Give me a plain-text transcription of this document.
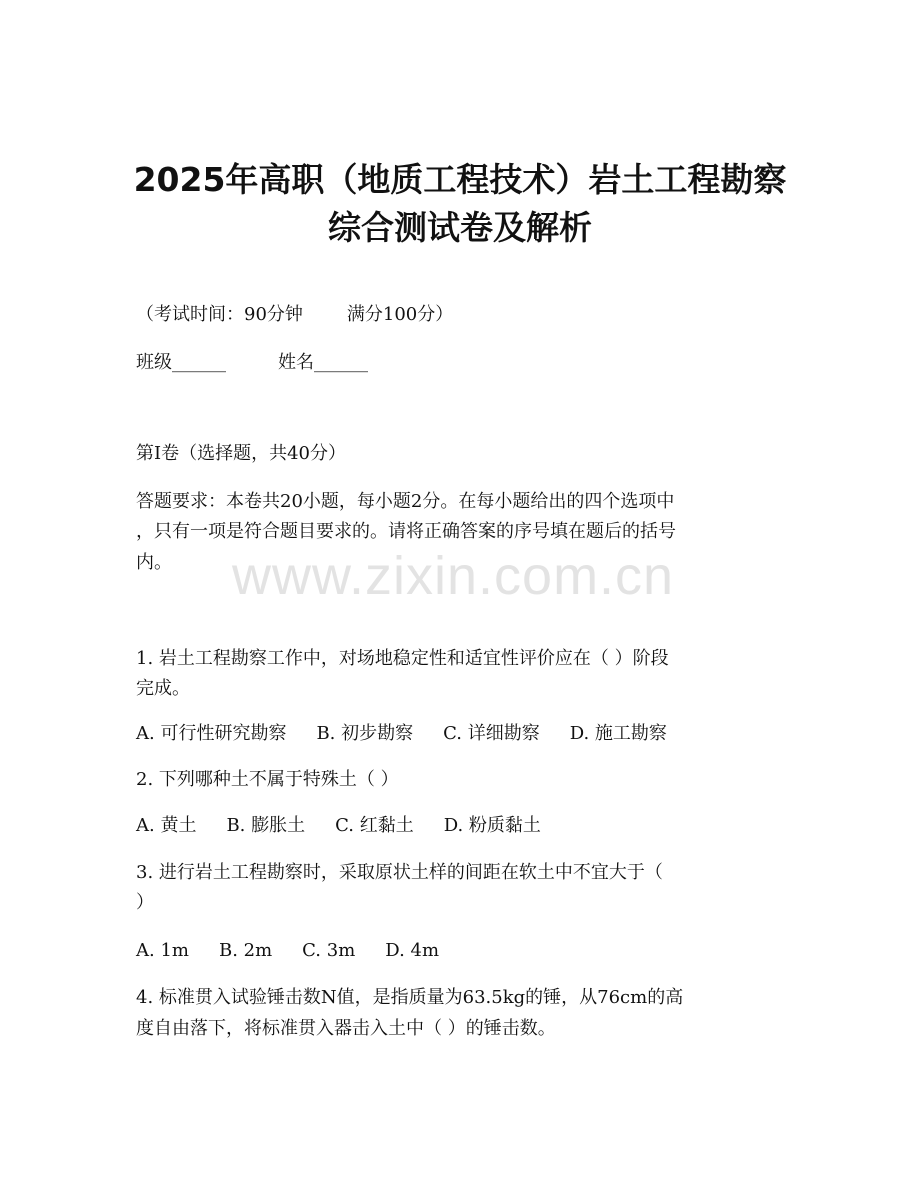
2025年高职（地质工程技术）岩土工程勘察
综合测试卷及解析
（考试时间：90分钟 满分100分）
班级______	姓名______
第Ⅰ卷（选择题，共40分）
答题要求：本卷共20小题，每小题2分。在每小题给出的四个选项中
，只有一项是符合题目要求的。请将正确答案的序号填在题后的括号
内。	www.zixin.com.cn
1. 岩土工程勘察工作中，对场地稳定性和适宜性评价应在（ ）阶段
完成。
A. 可行性研究勘察 B. 初步勘察 C. 详细勘察 D. 施工勘察
2. 下列哪种土不属于特殊土（ ）
A. 黄土 B. 膨胀土 C. 红黏土 D. 粉质黏土
3. 进行岩土工程勘察时，采取原状土样的间距在软土中不宜大于（
）
A. 1m B. 2m C. 3m D. 4m
4. 标准贯入试验锤击数N值，是指质量为63.5kg的锤，从76cm的高
度自由落下，将标准贯入器击入土中（ ）的锤击数。
